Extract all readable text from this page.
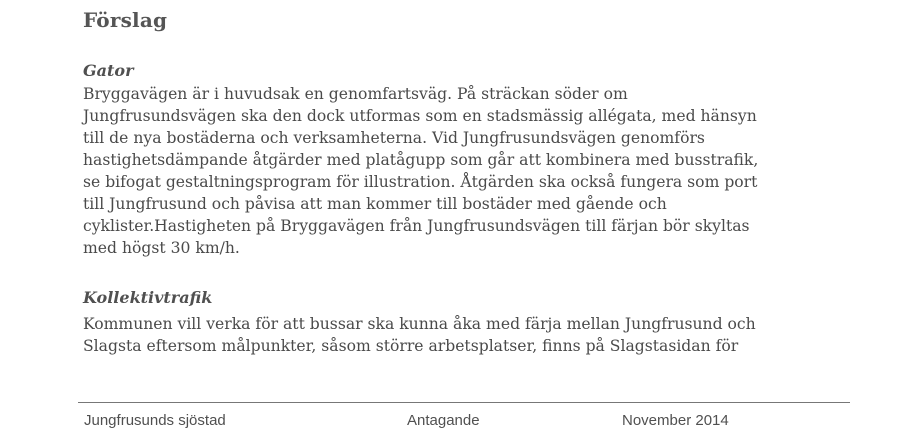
Förslag
Gator

Bryggavägen är i huvudsak en genomfartsväg. På sträckan söder om
Jungfrusundsvägen ska den dock utformas som en stadsmässig allégata, med hänsyn
till de nya bostäderna och verksamheterna. Vid Jungfrusundsvägen genomförs
hastighetsdämpande åtgärder med platågupp som går att kombinera med busstrafik,
se bifogat gestaltningsprogram för illustration. Åtgärden ska också fungera som port
till Jungfrusund och påvisa att man kommer till bostäder med gående och
cyklister.Hastigheten på Bryggavägen från Jungfrusundsvägen till färjan bör skyltas
med högst 30 km/h.

Kollektivtrafik

Kommunen vill verka för att bussar ska kunna åka med färja mellan Jungfrusund och
Slagsta eftersom målpunkter, såsom större arbetsplatser, finns på Slagstasidan för

Jungfrusunds sjöstad	Antagande	November 2014
